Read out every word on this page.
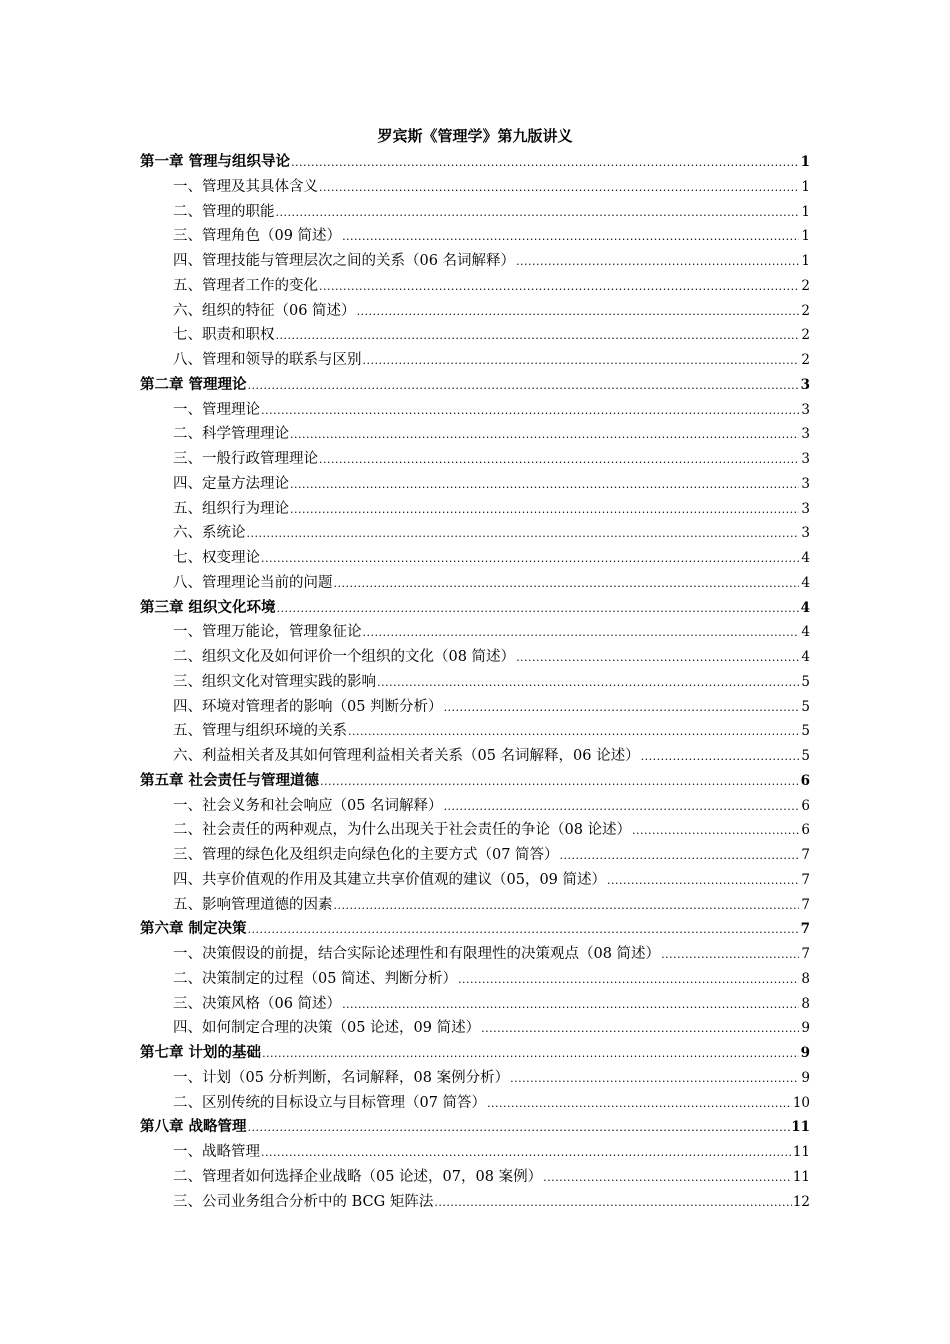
罗宾斯《管理学》第九版讲义
第一章 管理与组织导论 .....	1
一、管理及其具体含义 .....	1
二、管理的职能 .....	1
三、管理角色（09 简述） .....	1
四、管理技能与管理层次之间的关系（06 名词解释） .....	1
五、管理者工作的变化 .....	2
六、组织的特征（06 简述） .....	2
七、职责和职权 .....	2
八、管理和领导的联系与区别 .....	2
第二章 管理理论 .....	3
一、管理理论 .....	3
二、科学管理理论 .....	3
三、一般行政管理理论 .....	3
四、定量方法理论 .....	3
五、组织行为理论 .....	3
六、系统论 .....	3
七、权变理论 .....	4
八、管理理论当前的问题 .....	4
第三章 组织文化环境 .....	4
一、管理万能论，管理象征论 .....	4
二、组织文化及如何评价一个组织的文化（08 简述） .....	4
三、组织文化对管理实践的影响 .....	5
四、环境对管理者的影响（05 判断分析） .....	5
五、管理与组织环境的关系 .....	5
六、利益相关者及其如何管理利益相关者关系（05 名词解释，06 论述） .....	5
第五章 社会责任与管理道德 .....	6
一、社会义务和社会响应（05 名词解释） .....	6
二、社会责任的两种观点，为什么出现关于社会责任的争论（08 论述） .....	6
三、管理的绿色化及组织走向绿色化的主要方式（07 简答） .....	7
四、共享价值观的作用及其建立共享价值观的建议（05，09 简述） .....	7
五、影响管理道德的因素 .....	7
第六章 制定决策 .....	7
一、决策假设的前提，结合实际论述理性和有限理性的决策观点（08 简述） .....	7
二、决策制定的过程（05 简述、判断分析） .....	8
三、决策风格（06 简述） .....	8
四、如何制定合理的决策（05 论述，09 简述） .....	9
第七章 计划的基础 .....	9
一、计划（05 分析判断，名词解释，08 案例分析） .....	9
二、区别传统的目标设立与目标管理（07 简答） .....	10
第八章 战略管理 .....	11
一、战略管理 .....	11
二、管理者如何选择企业战略（05 论述，07，08 案例） .....	11
三、公司业务组合分析中的 BCG 矩阵法 .....	12
